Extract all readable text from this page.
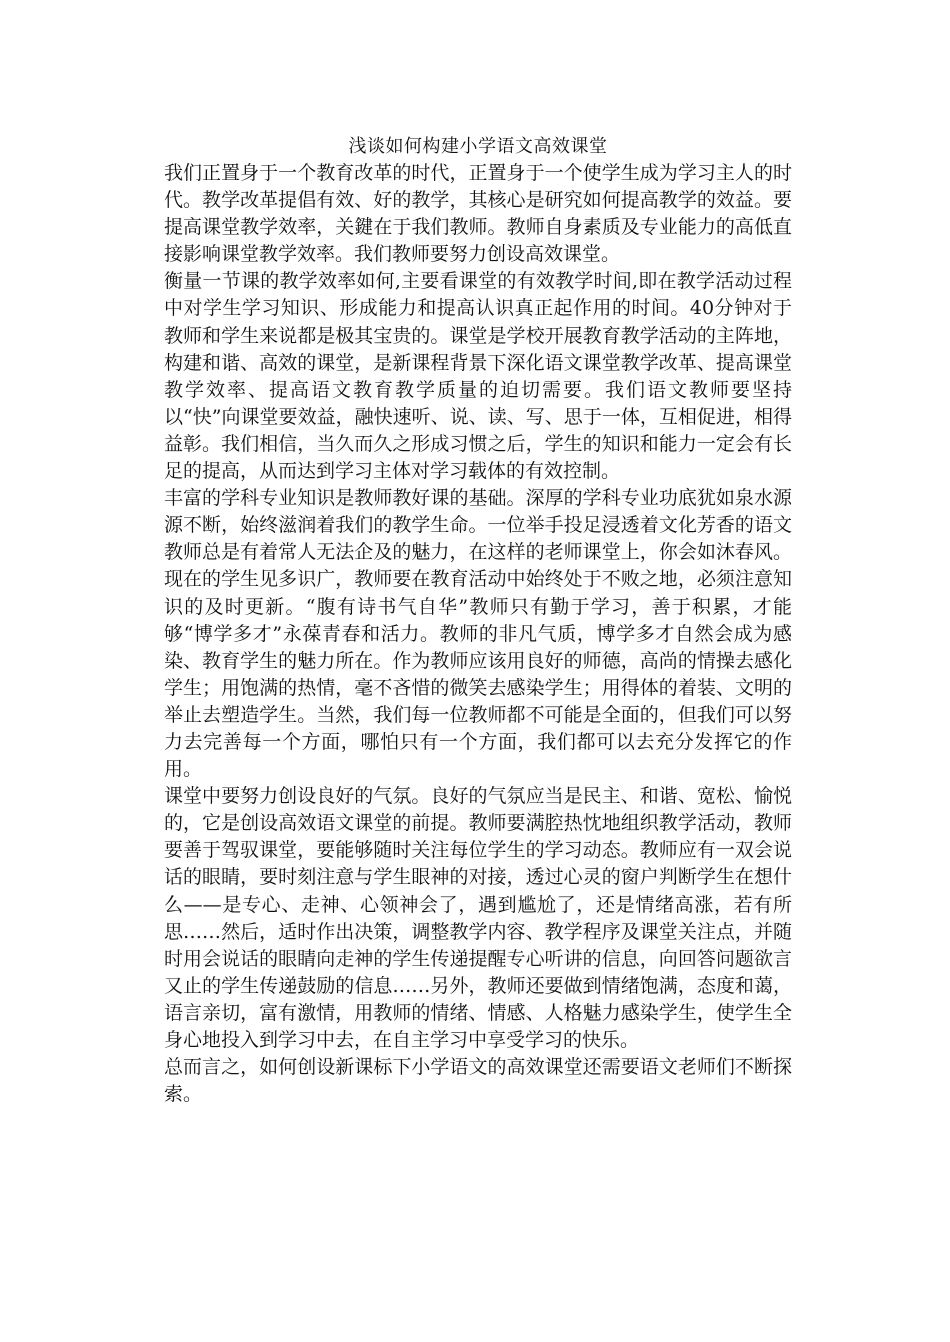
浅谈如何构建小学语文高效课堂

我们正置身于一个教育改革的时代，正置身于一个使学生成为学习主人的时代。教学改革提倡有效、好的教学，其核心是研究如何提高教学的效益。要提高课堂教学效率，关鍵在于我们教师。教师自身素质及专业能力的高低直接影响课堂教学效率。我们教师要努力创设高效课堂。

衡量一节课的教学效率如何,主要看课堂的有效教学时间,即在教学活动过程中对学生学习知识、形成能力和提高认识真正起作用的时间。40分钟对于教师和学生来说都是极其宝贵的。课堂是学校开展教育教学活动的主阵地，构建和谐、高效的课堂，是新课程背景下深化语文课堂教学改革、提高课堂教学效率、提高语文教育教学质量的迫切需要。我们语文教师要坚持以“快”向课堂要效益，融快速听、说、读、写、思于一体，互相促进，相得益彰。我们相信，当久而久之形成习惯之后，学生的知识和能力一定会有长足的提高，从而达到学习主体对学习载体的有效控制。

丰富的学科专业知识是教师教好课的基础。深厚的学科专业功底犹如泉水源源不断，始终滋润着我们的教学生命。一位举手投足浸透着文化芳香的语文教师总是有着常人无法企及的魅力，在这样的老师课堂上，你会如沐春风。现在的学生见多识广，教师要在教育活动中始终处于不败之地，必须注意知识的及时更新。“腹有诗书气自华”教师只有勤于学习，善于积累，才能够“博学多才”永葆青春和活力。教师的非凡气质，博学多才自然会成为感染、教育学生的魅力所在。作为教师应该用良好的师德，高尚的情操去感化学生；用饱满的热情，毫不吝惜的微笑去感染学生；用得体的着装、文明的举止去塑造学生。当然，我们每一位教师都不可能是全面的，但我们可以努力去完善每一个方面，哪怕只有一个方面，我们都可以去充分发挥它的作用。

课堂中要努力创设良好的气氛。良好的气氛应当是民主、和谐、宽松、愉悦的，它是创设高效语文课堂的前提。教师要满腔热忱地组织教学活动，教师要善于驾驭课堂，要能够随时关注每位学生的学习动态。教师应有一双会说话的眼睛，要时刻注意与学生眼神的对接，透过心灵的窗户判断学生在想什么——是专心、走神、心领神会了，遇到尴尬了，还是情绪高涨，若有所思……然后，适时作出决策，调整教学内容、教学程序及课堂关注点，并随时用会说话的眼睛向走神的学生传递提醒专心听讲的信息，向回答问题欲言又止的学生传递鼓励的信息……另外，教师还要做到情绪饱满，态度和蔼，语言亲切，富有激情，用教师的情绪、情感、人格魅力感染学生，使学生全身心地投入到学习中去，在自主学习中享受学习的快乐。

总而言之，如何创设新课标下小学语文的高效课堂还需要语文老师们不断探索。
